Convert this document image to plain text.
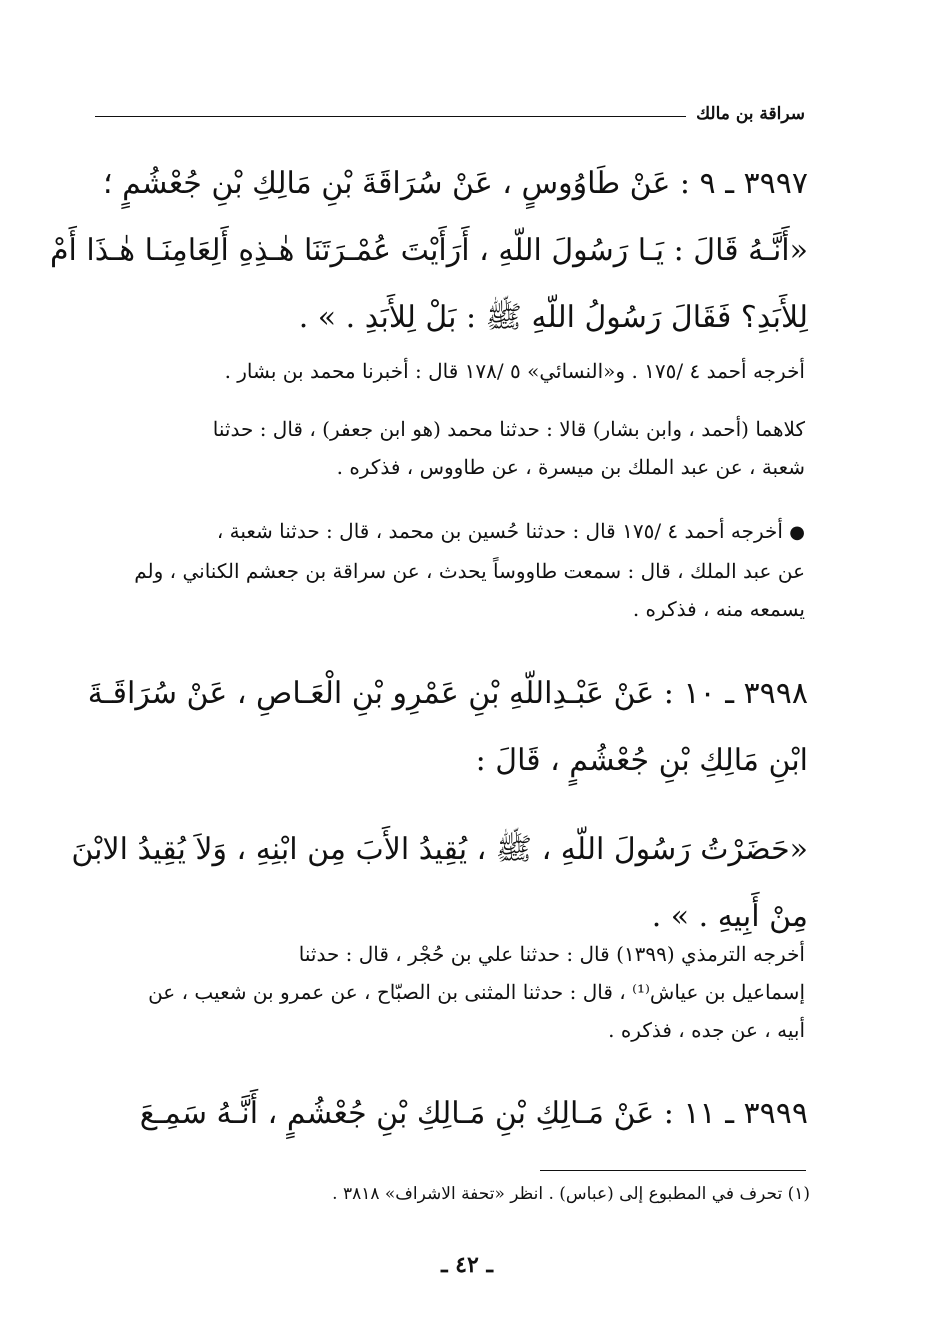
سراقة بن مالك
٣٩٩٧ ـ ٩ : عَنْ طَاوُوسٍ ، عَنْ سُرَاقَةَ بْنِ مَالِكِ بْنِ جُعْشُمٍ ؛
«أَنَّـهُ قَالَ : يَـا رَسُولَ اللّهِ ، أَرَأَيْتَ عُمْـرَتَنَا هٰـذِهِ أَلِعَامِنَـا هٰـذَا أَمْ
لِلأَبَدِ؟ فَقَالَ رَسُولُ اللّهِ ﷺ : بَلْ لِلأَبَدِ . » .
أخرجه أحمد ٤ /١٧٥ . و«النسائي» ٥ /١٧٨ قال : أخبرنا محمد بن بشار .
كلاهما (أحمد ، وابن بشار) قالا : حدثنا محمد (هو ابن جعفر) ، قال : حدثنا
شعبة ، عن عبد الملك بن ميسرة ، عن طاووس ، فذكره .
● أخرجه أحمد ٤ /١٧٥ قال : حدثنا حُسين بن محمد ، قال : حدثنا شعبة ،
عن عبد الملك ، قال : سمعت طاووساً يحدث ، عن سراقة بن جعشم الكناني ، ولم
يسمعه منه ، فذكره .
٣٩٩٨ ـ ١٠ : عَنْ عَبْـدِاللّهِ بْنِ عَمْرِو بْنِ الْعَـاصِ ، عَنْ سُرَاقَـةَ
ابْنِ مَالِكِ بْنِ جُعْشُمٍ ، قَالَ :
«حَضَرْتُ رَسُولَ اللّهِ ، ﷺ ، يُقِيدُ الأَبَ مِن ابْنِهِ ، وَلاَ يُقِيدُ الابْنَ
مِنْ أَبِيهِ . » .
أخرجه الترمذي (١٣٩٩) قال : حدثنا علي بن حُجْر ، قال : حدثنا
إسماعيل بن عياش⁽¹⁾ ، قال : حدثنا المثنى بن الصبّاح ، عن عمرو بن شعيب ، عن
أبيه ، عن جده ، فذكره .
٣٩٩٩ ـ ١١ : عَنْ مَـالِكِ بْنِ مَـالِكِ بْنِ جُعْشُمٍ ، أَنَّـهُ سَمِـعَ
(١) تحرف في المطبوع إلى (عباس) . انظر «تحفة الاشراف» ٣٨١٨ .
ـ ٤٢ ـ
